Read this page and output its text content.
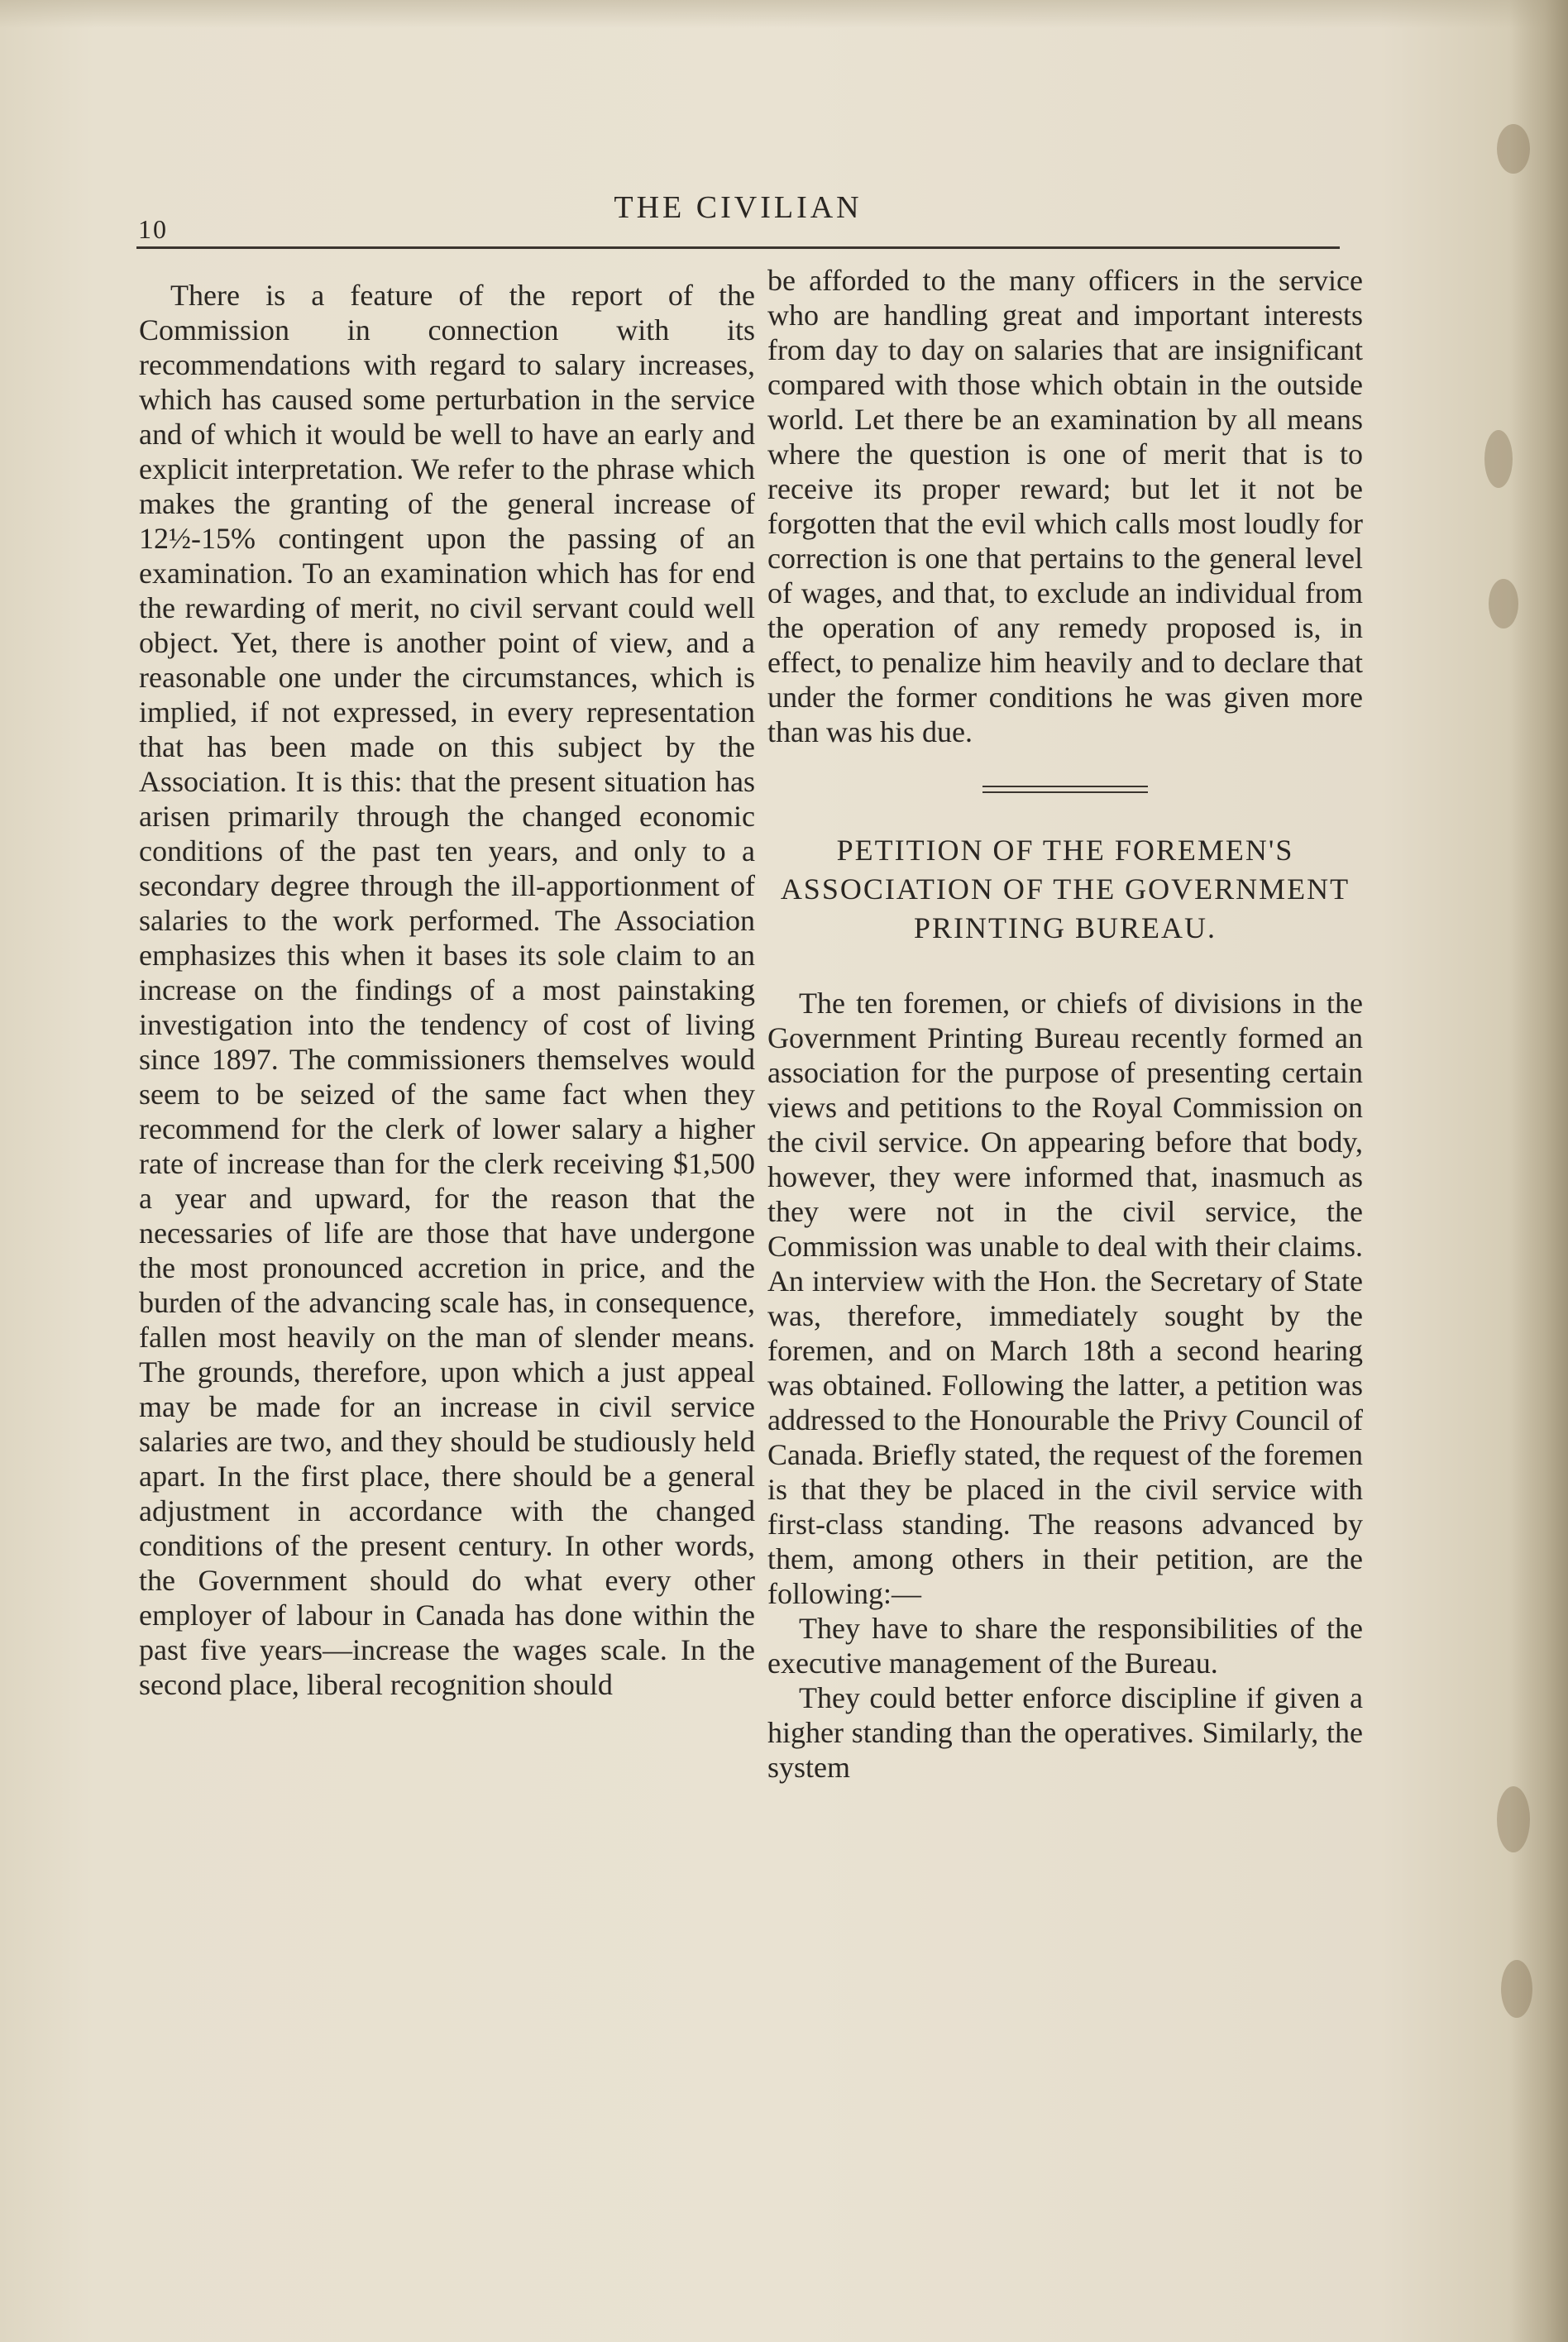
10
THE CIVILIAN

There is a feature of the report of the Commission in connection with its recommendations with regard to salary increases, which has caused some perturbation in the service and of which it would be well to have an early and explicit interpretation. We refer to the phrase which makes the granting of the general increase of 12½-15% contingent upon the passing of an examination. To an examination which has for end the rewarding of merit, no civil servant could well object. Yet, there is another point of view, and a reasonable one under the circumstances, which is implied, if not expressed, in every representation that has been made on this subject by the Association. It is this: that the present situation has arisen primarily through the changed economic conditions of the past ten years, and only to a secondary degree through the ill-apportionment of salaries to the work performed. The Association emphasizes this when it bases its sole claim to an increase on the findings of a most painstaking investigation into the tendency of cost of living since 1897. The commissioners themselves would seem to be seized of the same fact when they recommend for the clerk of lower salary a higher rate of increase than for the clerk receiving $1,500 a year and upward, for the reason that the necessaries of life are those that have undergone the most pronounced accretion in price, and the burden of the advancing scale has, in consequence, fallen most heavily on the man of slender means. The grounds, therefore, upon which a just appeal may be made for an increase in civil service salaries are two, and they should be studiously held apart. In the first place, there should be a general adjustment in accordance with the changed conditions of the present century. In other words, the Government should do what every other employer of labour in Canada has done within the past five years—increase the wages scale. In the second place, liberal recognition should

be afforded to the many officers in the service who are handling great and important interests from day to day on salaries that are insignificant compared with those which obtain in the outside world. Let there be an examination by all means where the question is one of merit that is to receive its proper reward; but let it not be forgotten that the evil which calls most loudly for correction is one that pertains to the general level of wages, and that, to exclude an individual from the operation of any remedy proposed is, in effect, to penalize him heavily and to declare that under the former conditions he was given more than was his due.

PETITION OF THE FOREMEN'S ASSOCIATION OF THE GOVERNMENT PRINTING BUREAU.

The ten foremen, or chiefs of divisions in the Government Printing Bureau recently formed an association for the purpose of presenting certain views and petitions to the Royal Commission on the civil service. On appearing before that body, however, they were informed that, inasmuch as they were not in the civil service, the Commission was unable to deal with their claims. An interview with the Hon. the Secretary of State was, therefore, immediately sought by the foremen, and on March 18th a second hearing was obtained. Following the latter, a petition was addressed to the Honourable the Privy Council of Canada. Briefly stated, the request of the foremen is that they be placed in the civil service with first-class standing. The reasons advanced by them, among others in their petition, are the following:—

They have to share the responsibilities of the executive management of the Bureau.

They could better enforce discipline if given a higher standing than the operatives. Similarly, the system
